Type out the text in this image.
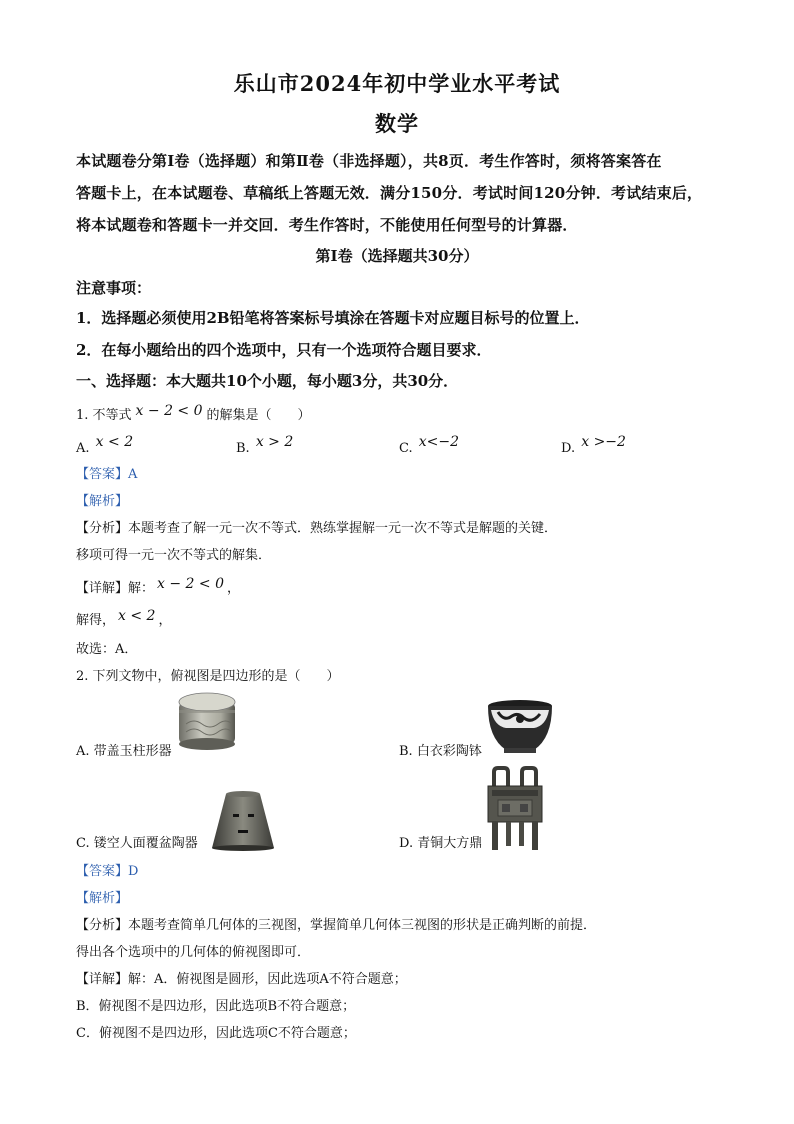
乐山市2024年初中学业水平考试
数学
本试题卷分第Ⅰ卷（选择题）和第Ⅱ卷（非选择题），共8页．考生作答时，须将答案答在
答题卡上，在本试题卷、草稿纸上答题无效．满分150分．考试时间120分钟．考试结束后，
将本试题卷和答题卡一并交回．考生作答时，不能使用任何型号的计算器．
第Ⅰ卷（选择题共30分）
注意事项：
1．选择题必须使用2B铅笔将答案标号填涂在答题卡对应题目标号的位置上．
2．在每小题给出的四个选项中，只有一个选项符合题目要求．
一、选择题：本大题共10个小题，每小题3分，共30分．
1. 不等式 x − 2 < 0 的解集是（　　）
A. x < 2	B. x > 2	C. x<−2	D. x >−2
【答案】A
【解析】
【分析】本题考查了解一元一次不等式．熟练掌握解一元一次不等式是解题的关键．
移项可得一元一次不等式的解集．
【详解】解： x − 2 < 0 ，
解得， x < 2 ，
故选：A．
2. 下列文物中，俯视图是四边形的是（　　）
A. 带盖玉柱形器	B. 白衣彩陶钵
C. 镂空人面覆盆陶器	D. 青铜大方鼎
【答案】D
【解析】
【分析】本题考查简单几何体的三视图，掌握简单几何体三视图的形状是正确判断的前提．
得出各个选项中的几何体的俯视图即可．
【详解】解：A．俯视图是圆形，因此选项A不符合题意；
B．俯视图不是四边形，因此选项B不符合题意；
C．俯视图不是四边形，因此选项C不符合题意；
